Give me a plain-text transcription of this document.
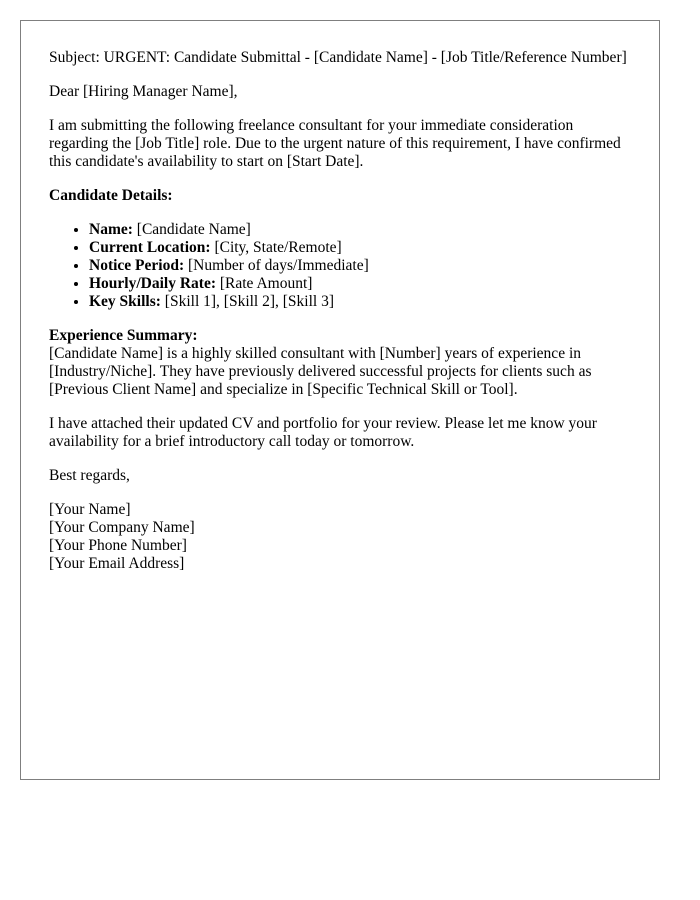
Subject: URGENT: Candidate Submittal - [Candidate Name] - [Job Title/Reference Number]

Dear [Hiring Manager Name],

I am submitting the following freelance consultant for your immediate consideration regarding the [Job Title] role. Due to the urgent nature of this requirement, I have confirmed this candidate's availability to start on [Start Date].

Candidate Details:
• Name: [Candidate Name]
• Current Location: [City, State/Remote]
• Notice Period: [Number of days/Immediate]
• Hourly/Daily Rate: [Rate Amount]
• Key Skills: [Skill 1], [Skill 2], [Skill 3]
Experience Summary:
[Candidate Name] is a highly skilled consultant with [Number] years of experience in [Industry/Niche]. They have previously delivered successful projects for clients such as [Previous Client Name] and specialize in [Specific Technical Skill or Tool].

I have attached their updated CV and portfolio for your review. Please let me know your availability for a brief introductory call today or tomorrow.

Best regards,

[Your Name]
[Your Company Name]
[Your Phone Number]
[Your Email Address]
